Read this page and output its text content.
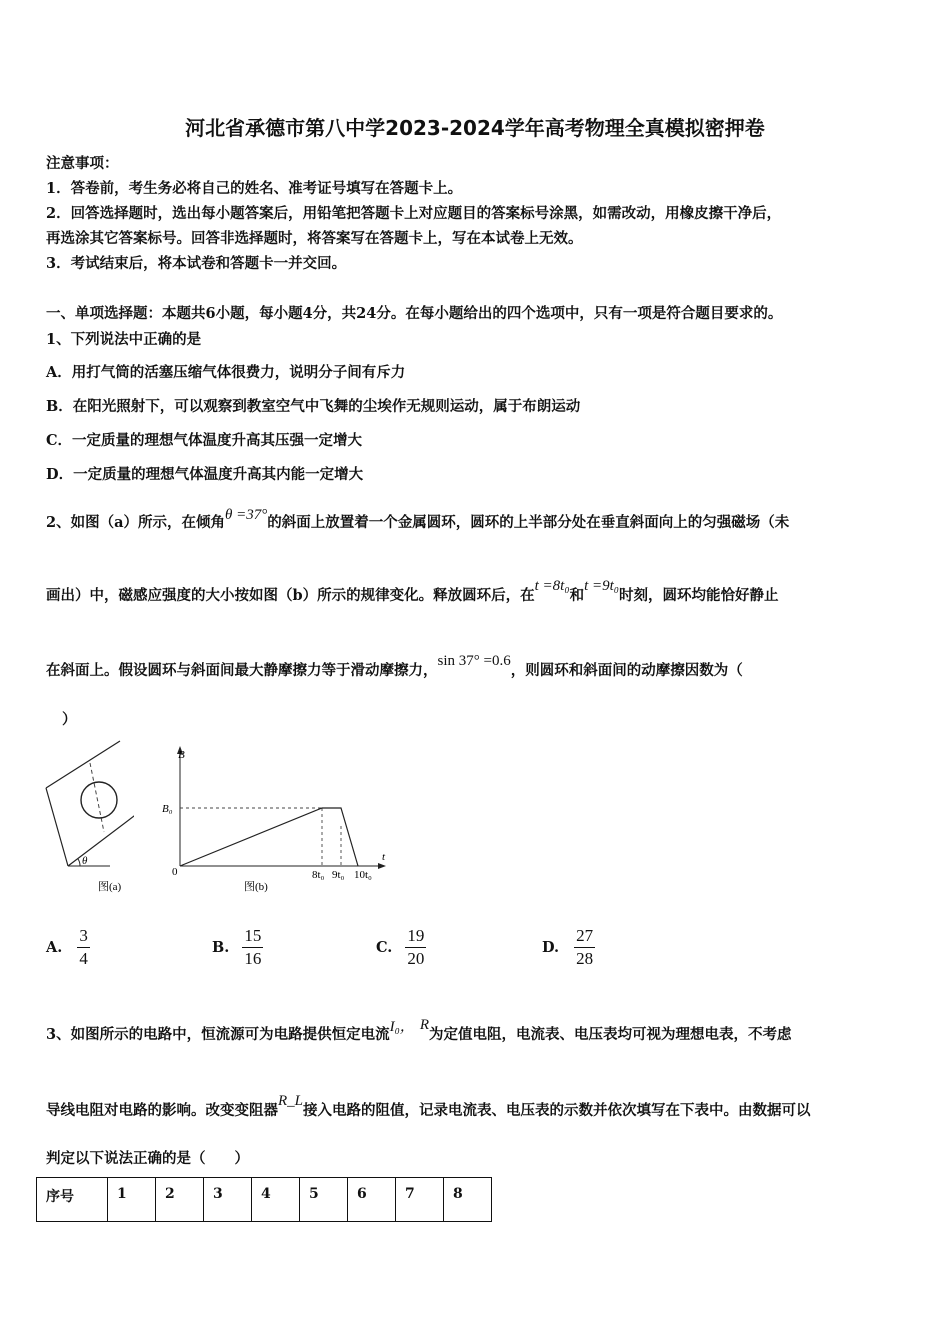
河北省承德市第八中学2023-2024学年高考物理全真模拟密押卷
注意事项：
1．答卷前，考生务必将自己的姓名、准考证号填写在答题卡上。
2．回答选择题时，选出每小题答案后，用铅笔把答题卡上对应题目的答案标号涂黑，如需改动，用橡皮擦干净后，
再选涂其它答案标号。回答非选择题时，将答案写在答题卡上，写在本试卷上无效。
3．考试结束后，将本试卷和答题卡一并交回。
一、单项选择题：本题共6小题，每小题4分，共24分。在每小题给出的四个选项中，只有一项是符合题目要求的。
1、下列说法中正确的是
A．用打气筒的活塞压缩气体很费力，说明分子间有斥力
B．在阳光照射下，可以观察到教室空气中飞舞的尘埃作无规则运动，属于布朗运动
C．一定质量的理想气体温度升高其压强一定增大
D．一定质量的理想气体温度升高其内能一定增大
2、如图（a）所示，在倾角θ =37°的斜面上放置着一个金属圆环，圆环的上半部分处在垂直斜面向上的匀强磁场（未
画出）中，磁感应强度的大小按如图（b）所示的规律变化。释放圆环后，在t =8t₀和t =9t₀时刻，圆环均能恰好静止
在斜面上。假设圆环与斜面间最大静摩擦力等于滑动摩擦力，sin 37° =0.6，则圆环和斜面间的动摩擦因数为（
）
θ
图(a)
B
t
B₀
0	8t₀ 9t₀ 10t₀
图(b)
A. $\frac{3}{4}$	B. $\frac{15}{16}$	C. $\frac{19}{20}$	D. $\frac{27}{28}$
3、如图所示的电路中，恒流源可为电路提供恒定电流I₀， R为定值电阻，电流表、电压表均可视为理想电表，不考虑
导线电阻对电路的影响。改变变阻器R_L接入电路的阻值，记录电流表、电压表的示数并依次填写在下表中。由数据可以
判定以下说法正确的是（　　）
序号	1	2	3	4	5	6	7	8
